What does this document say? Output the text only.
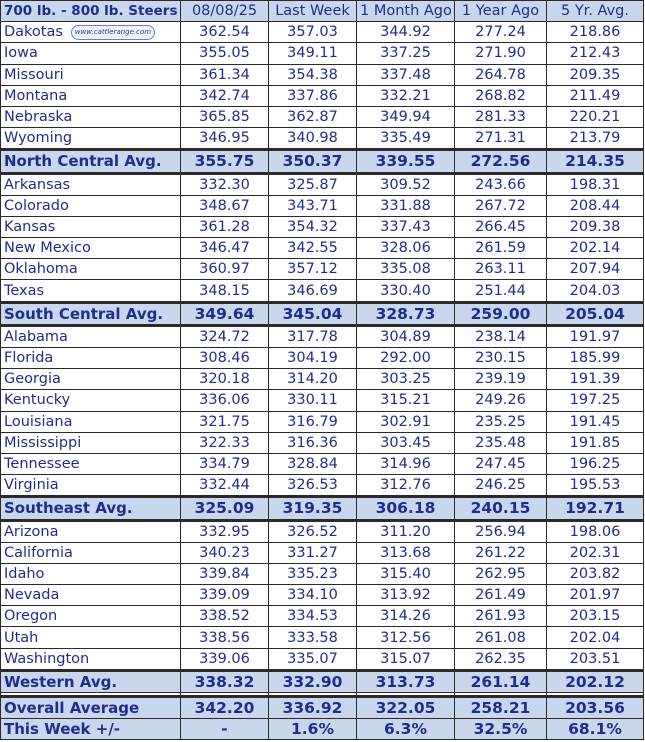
700 lb. - 800 lb. Steers	08/08/25	Last Week	1 Month Ago	1 Year Ago	5 Yr. Avg.
Dakotas www.cattlerange.com	362.54	357.03	344.92	277.24	218.86
Iowa	355.05	349.11	337.25	271.90	212.43
Missouri	361.34	354.38	337.48	264.78	209.35
Montana	342.74	337.86	332.21	268.82	211.49
Nebraska	365.85	362.87	349.94	281.33	220.21
Wyoming	346.95	340.98	335.49	271.31	213.79
North Central Avg.	355.75	350.37	339.55	272.56	214.35
Arkansas	332.30	325.87	309.52	243.66	198.31
Colorado	348.67	343.71	331.88	267.72	208.44
Kansas	361.28	354.32	337.43	266.45	209.38
New Mexico	346.47	342.55	328.06	261.59	202.14
Oklahoma	360.97	357.12	335.08	263.11	207.94
Texas	348.15	346.69	330.40	251.44	204.03
South Central Avg.	349.64	345.04	328.73	259.00	205.04
Alabama	324.72	317.78	304.89	238.14	191.97
Florida	308.46	304.19	292.00	230.15	185.99
Georgia	320.18	314.20	303.25	239.19	191.39
Kentucky	336.06	330.11	315.21	249.26	197.25
Louisiana	321.75	316.79	302.91	235.25	191.45
Mississippi	322.33	316.36	303.45	235.48	191.85
Tennessee	334.79	328.84	314.96	247.45	196.25
Virginia	332.44	326.53	312.76	246.25	195.53
Southeast Avg.	325.09	319.35	306.18	240.15	192.71
Arizona	332.95	326.52	311.20	256.94	198.06
California	340.23	331.27	313.68	261.22	202.31
Idaho	339.84	335.23	315.40	262.95	203.82
Nevada	339.09	334.10	313.92	261.49	201.97
Oregon	338.52	334.53	314.26	261.93	203.15
Utah	338.56	333.58	312.56	261.08	202.04
Washington	339.06	335.07	315.07	262.35	203.51
Western Avg.	338.32	332.90	313.73	261.14	202.12

Overall Average	342.20	336.92	322.05	258.21	203.56
This Week +/-	-	1.6%	6.3%	32.5%	68.1%
